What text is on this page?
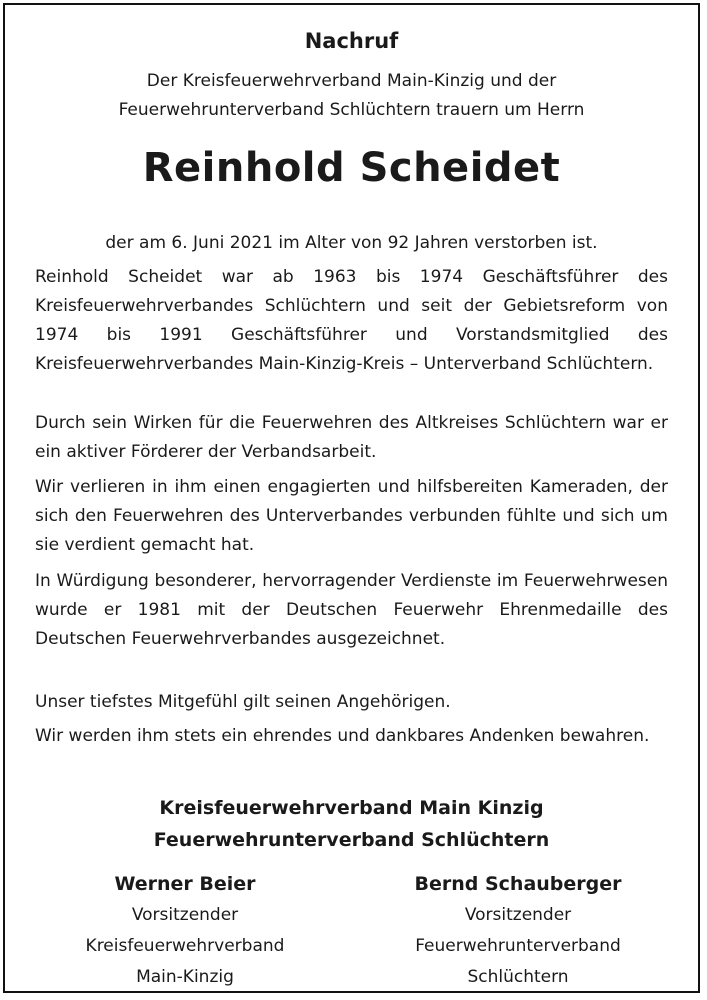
Nachruf
Der Kreisfeuerwehrverband Main-Kinzig und der
Feuerwehrunterverband Schlüchtern trauern um Herrn
Reinhold Scheidet
der am 6. Juni 2021 im Alter von 92 Jahren verstorben ist.
Reinhold Scheidet war ab 1963 bis 1974 Geschäftsführer des Kreisfeuerwehrverbandes Schlüchtern und seit der Gebietsreform von 1974 bis 1991 Geschäftsführer und Vorstandsmitglied des Kreisfeuerwehrverbandes Main-Kinzig-Kreis – Unterverband Schlüchtern.
Durch sein Wirken für die Feuerwehren des Altkreises Schlüchtern war er ein aktiver Förderer der Verbandsarbeit.
Wir verlieren in ihm einen engagierten und hilfsbereiten Kameraden, der sich den Feuerwehren des Unterverbandes verbunden fühlte und sich um sie verdient gemacht hat.
In Würdigung besonderer, hervorragender Verdienste im Feuerwehrwesen wurde er 1981 mit der Deutschen Feuerwehr Ehrenmedaille des Deutschen Feuerwehrverbandes ausgezeichnet.
Unser tiefstes Mitgefühl gilt seinen Angehörigen.
Wir werden ihm stets ein ehrendes und dankbares Andenken bewahren.
Kreisfeuerwehrverband Main Kinzig
Feuerwehrunterverband Schlüchtern
Werner Beier
Vorsitzender
Kreisfeuerwehrverband
Main-Kinzig
Bernd Schauberger
Vorsitzender
Feuerwehrunterverband
Schlüchtern
